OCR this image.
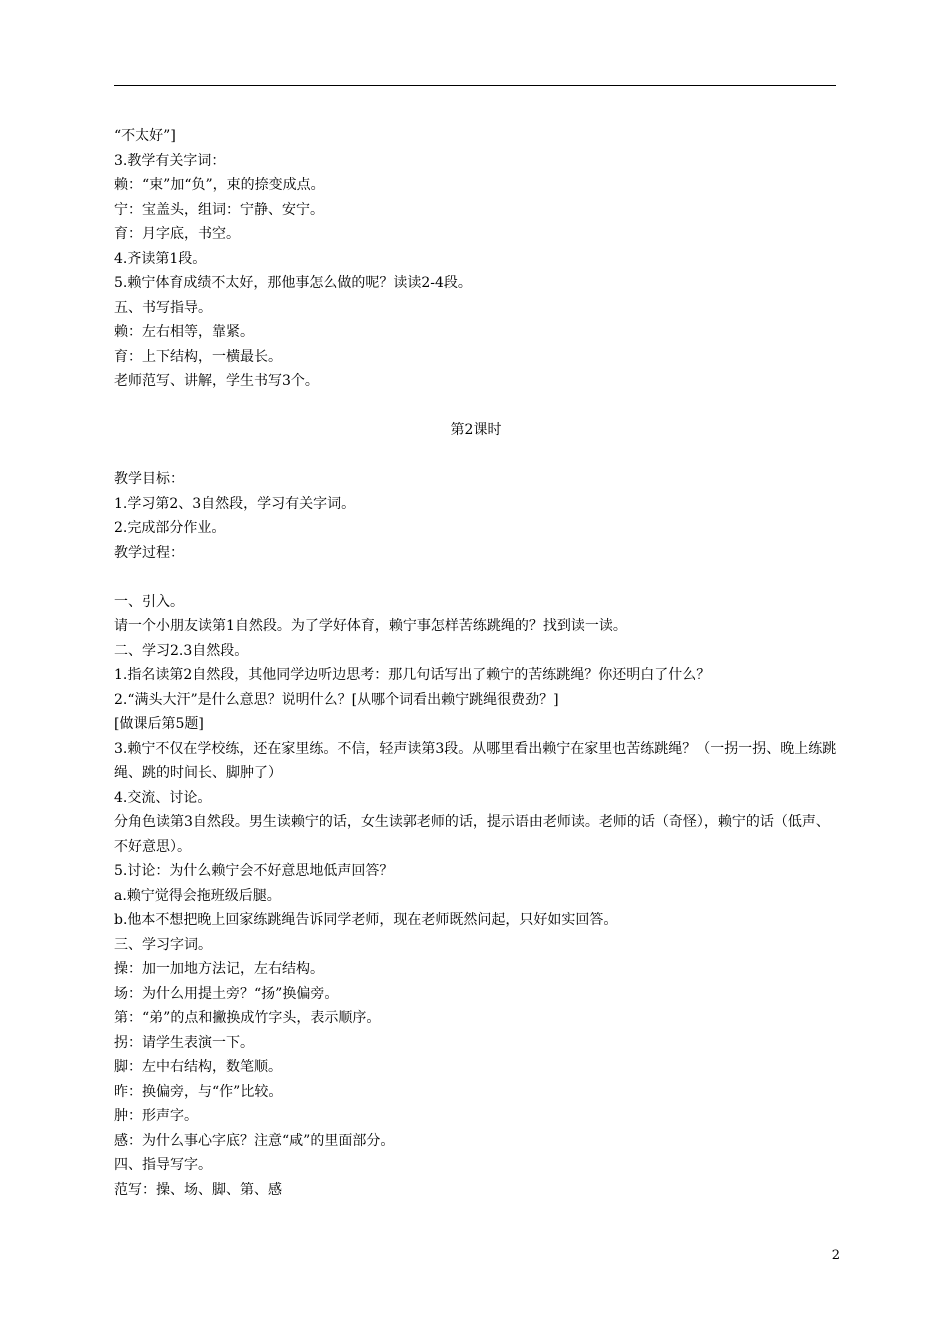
“不太好”]
3.教学有关字词：
赖：“束”加“负”，束的捺变成点。
宁：宝盖头，组词：宁静、安宁。
育：月字底，书空。
4.齐读第1段。
5.赖宁体育成绩不太好，那他事怎么做的呢？读读2-4段。
五、书写指导。
赖：左右相等，靠紧。
育：上下结构，一横最长。
老师范写、讲解，学生书写3个。
第2课时
教学目标：
1.学习第2、3自然段，学习有关字词。
2.完成部分作业。
教学过程：
一、引入。
请一个小朋友读第1自然段。为了学好体育，赖宁事怎样苦练跳绳的？找到读一读。
二、学习2.3自然段。
1.指名读第2自然段，其他同学边听边思考：那几句话写出了赖宁的苦练跳绳？你还明白了什么？
2.“满头大汗”是什么意思？说明什么？[从哪个词看出赖宁跳绳很费劲？]
[做课后第5题]
3.赖宁不仅在学校练，还在家里练。不信，轻声读第3段。从哪里看出赖宁在家里也苦练跳绳？（一拐一拐、晚上练跳绳、跳的时间长、脚肿了）
4.交流、讨论。
分角色读第3自然段。男生读赖宁的话，女生读郭老师的话，提示语由老师读。老师的话（奇怪），赖宁的话（低声、不好意思）。
5.讨论：为什么赖宁会不好意思地低声回答？
a.赖宁觉得会拖班级后腿。
b.他本不想把晚上回家练跳绳告诉同学老师，现在老师既然问起，只好如实回答。
三、学习字词。
操：加一加地方法记，左右结构。
场：为什么用提土旁？“扬”换偏旁。
第：“弟”的点和撇换成竹字头，表示顺序。
拐：请学生表演一下。
脚：左中右结构，数笔顺。
昨：换偏旁，与“作”比较。
肿：形声字。
感：为什么事心字底？注意“咸”的里面部分。
四、指导写字。
范写：操、场、脚、第、感
2
